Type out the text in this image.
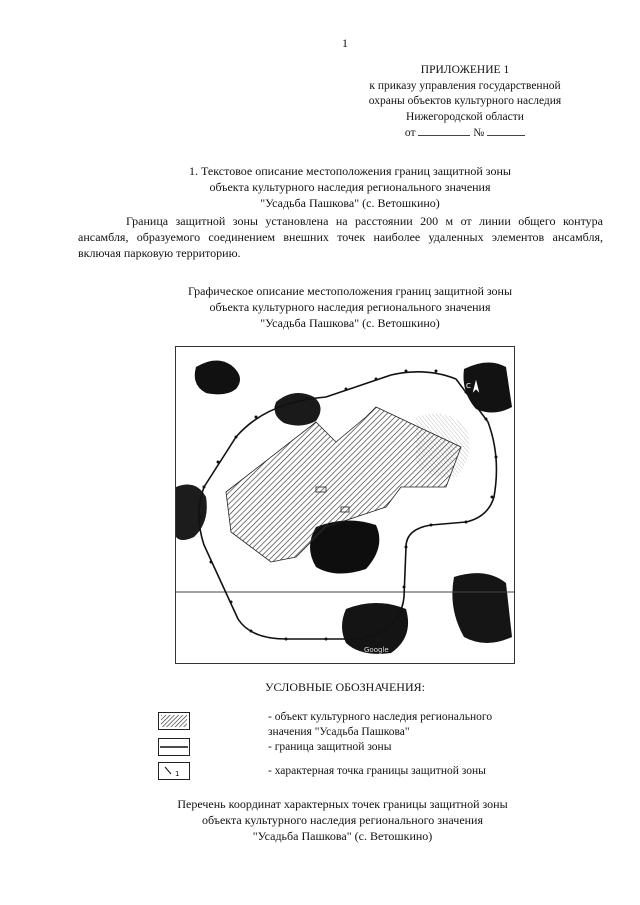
1
ПРИЛОЖЕНИЕ 1
к приказу управления государственной
охраны объектов культурного наследия
Нижегородской области
от	№
1. Текстовое описание местоположения границ защитной зоны
объекта культурного наследия регионального значения
"Усадьба Пашкова" (с. Ветошкино)
Граница защитной зоны установлена на расстоянии 200 м от линии общего контура ансамбля, образуемого соединением внешних точек наиболее удаленных элементов ансамбля, включая парковую территорию.
Графическое описание местоположения границ защитной зоны
объекта культурного наследия регионального значения
"Усадьба Пашкова" (с. Ветошкино)
С
Google
УСЛОВНЫЕ ОБОЗНАЧЕНИЯ:
- объект культурного наследия регионального
значения "Усадьба Пашкова"
- граница защитной зоны
1	- характерная точка границы защитной зоны
Перечень координат характерных точек границы защитной зоны
объекта культурного наследия регионального значения
"Усадьба Пашкова" (с. Ветошкино)
